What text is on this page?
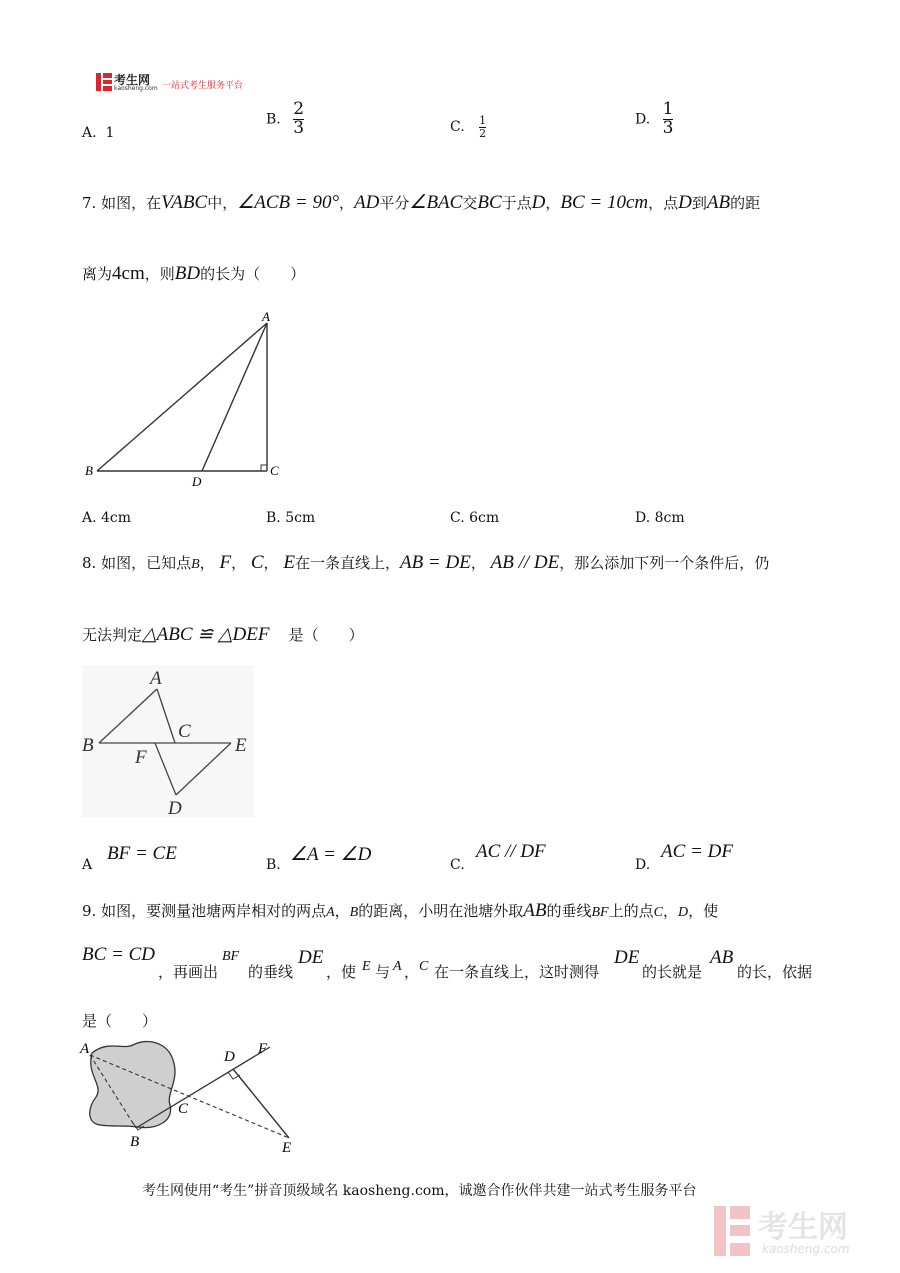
考生网
kaosheng.com 一站式考生服务平台
A. 1
B. $\frac{2}{3}$	C. $\frac{1}{2}$	D. $\frac{1}{3}$
7. 如图，在VABC中，∠ACB = 90°，AD平分∠BAC交BC于点D，BC = 10cm，点D到AB的距
离为4cm，则BD的长为（　　）
A
B	C
D
A. 4cm	B. 5cm	C. 6cm	D. 8cm
8. 如图，已知点B， F， C， E在一条直线上，AB = DE， AB // DE，那么添加下列一个条件后，仍
无法判定△ABC ≌ △DEF 是（　　）
A
B
C
E
F
D
A
BF = CE
B. ∠A = ∠D	C.
AC // DF
D.
AC = DF
9. 如图，要测量池塘两岸相对的两点A，B的距离，小明在池塘外取AB的垂线BF上的点C，D，使
BC = CD
，再画出
BF
的垂线
DE
，使 E 与 A ， C 在一条直线上，这时测得
DE
的长就是
AB
的长，依据
是（　　）
A
B
C
D F
E
考生网使用“考生”拼音顶级域名 kaosheng.com，诚邀合作伙伴共建一站式考生服务平台
考生网
kaosheng.com
